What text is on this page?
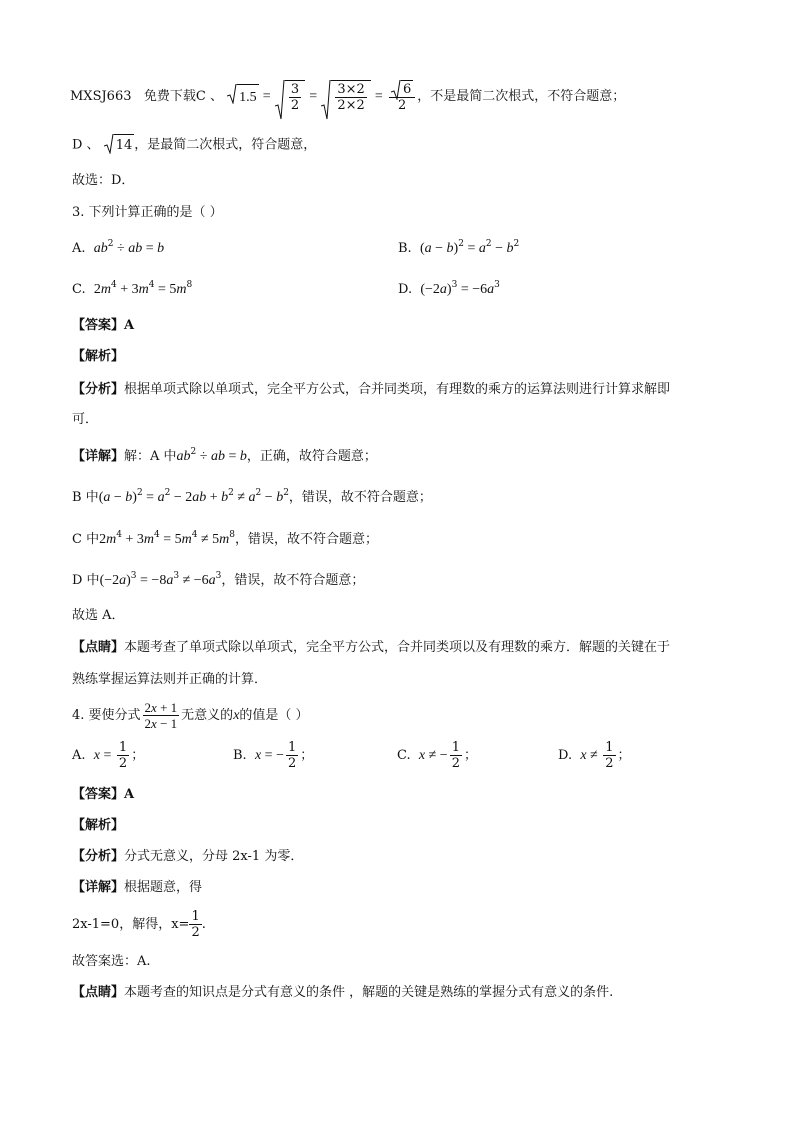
MXSJ663 免费下载C 、 $1.5 = \frac{3}{2} = \frac{3\times 2}{2\times 2} = \frac{6}{2}$ ，不是最简二次根式，不符合题意；
D 、 14 ，是最简二次根式，符合题意，
故选：D．
3. 下列计算正确的是（ ）
A. $ab^2$ ÷ ab = b	B. $(a - b)^2 = a^2 - b^2$
C. $2m^4 + 3m^4 = 5m^8$	D. $(-2a)^3 = -6a^3$
【答案】A
【解析】
【分析】根据单项式除以单项式，完全平方公式，合并同类项，有理数的乘方的运算法则进行计算求解即
可．
【详解】解：A 中$ab^2$ ÷ ab = b，正确，故符合题意；
B 中$(a - b)^2 = a^2 - 2ab + b^2 \ne a^2 - b^2$，错误，故不符合题意；
C 中$2m^4 + 3m^4 = 5m^4 \ne 5m^8$，错误，故不符合题意；
D 中$(-2a)^3 = -8a^3 \ne -6a^3$，错误，故不符合题意；
故选 A．
【点睛】本题考查了单项式除以单项式，完全平方公式，合并同类项以及有理数的乘方．解题的关键在于
熟练掌握运算法则并正确的计算．
4. 要使分式 $\frac{2x + 1}{2x - 1}$ 无意义的x的值是（ ）
A. $x = \frac{1}{2}$ ；	B. x = − $\frac{1}{2}$ ；	C. x ≠ − $\frac{1}{2}$ ；	D. $x \ne \frac{1}{2}$ ；
【答案】A
【解析】
【分析】分式无意义，分母 2x-1 为零．
【详解】根据题意，得
2x-1=0，解得，$x= \frac{1}{2}$ .
故答案选：A.
【点睛】本题考查的知识点是分式有意义的条件 ，解题的关键是熟练的掌握分式有意义的条件.
